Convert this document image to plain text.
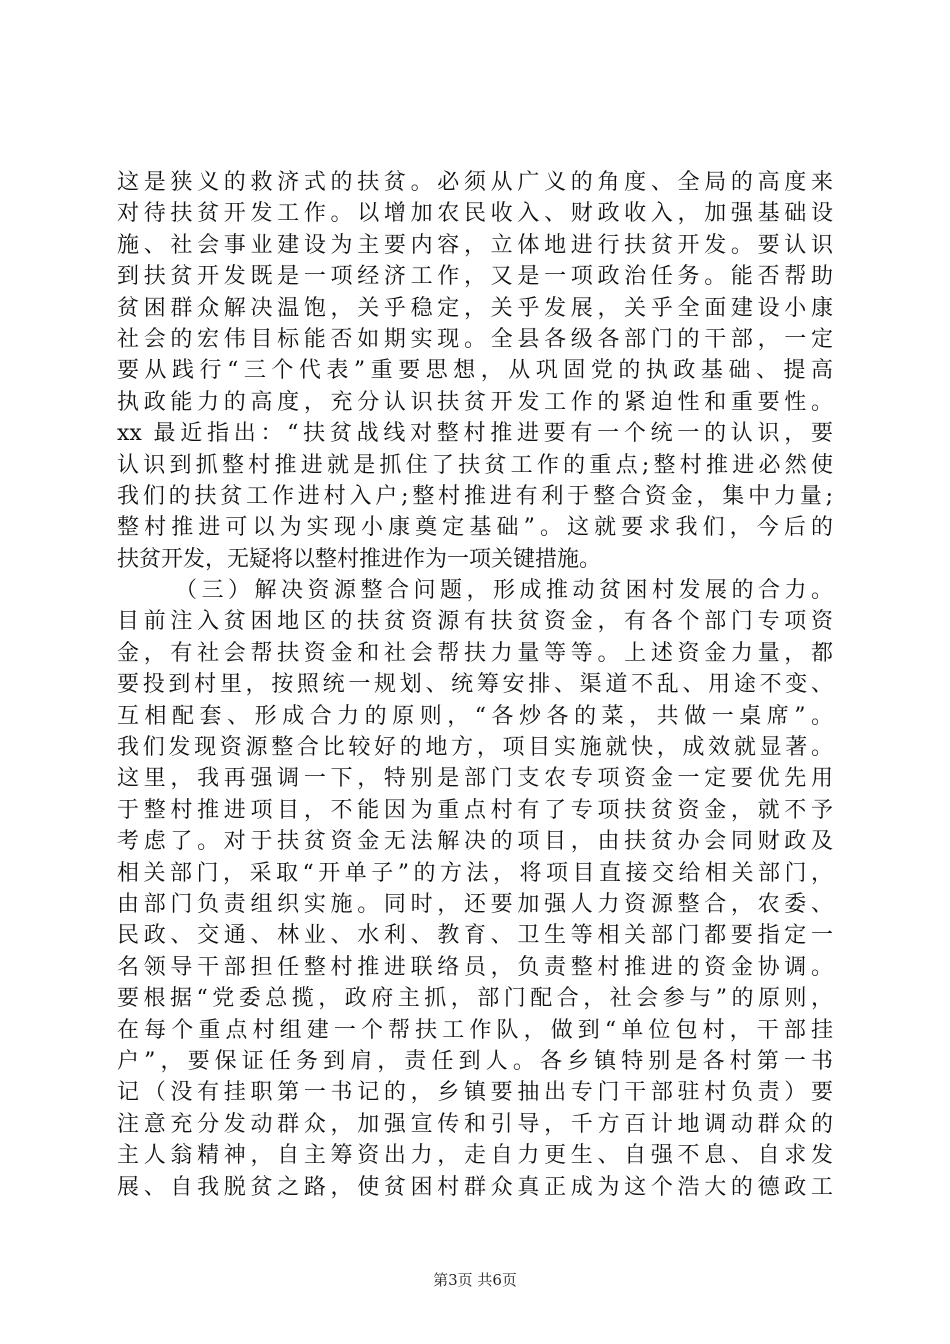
这是狭义的救济式的扶贫。必须从广义的角度、全局的高度来
对待扶贫开发工作。以增加农民收入、财政收入，加强基础设
施、社会事业建设为主要内容，立体地进行扶贫开发。要认识
到扶贫开发既是一项经济工作，又是一项政治任务。能否帮助
贫困群众解决温饱，关乎稳定，关乎发展，关乎全面建设小康
社会的宏伟目标能否如期实现。全县各级各部门的干部，一定
要从践行“三个代表”重要思想，从巩固党的执政基础、提高
执政能力的高度，充分认识扶贫开发工作的紧迫性和重要性。
xx 最近指出：“扶贫战线对整村推进要有一个统一的认识，要
认识到抓整村推进就是抓住了扶贫工作的重点;整村推进必然使
我们的扶贫工作进村入户;整村推进有利于整合资金，集中力量;
整村推进可以为实现小康奠定基础”。这就要求我们，今后的
扶贫开发，无疑将以整村推进作为一项关键措施。
（三）解决资源整合问题，形成推动贫困村发展的合力。
目前注入贫困地区的扶贫资源有扶贫资金，有各个部门专项资
金，有社会帮扶资金和社会帮扶力量等等。上述资金力量，都
要投到村里，按照统一规划、统筹安排、渠道不乱、用途不变、
互相配套、形成合力的原则，“各炒各的菜，共做一桌席”。
我们发现资源整合比较好的地方，项目实施就快，成效就显著。
这里，我再强调一下，特别是部门支农专项资金一定要优先用
于整村推进项目，不能因为重点村有了专项扶贫资金，就不予
考虑了。对于扶贫资金无法解决的项目，由扶贫办会同财政及
相关部门，采取“开单子”的方法，将项目直接交给相关部门，
由部门负责组织实施。同时，还要加强人力资源整合，农委、
民政、交通、林业、水利、教育、卫生等相关部门都要指定一
名领导干部担任整村推进联络员，负责整村推进的资金协调。
要根据“党委总揽，政府主抓，部门配合，社会参与”的原则，
在每个重点村组建一个帮扶工作队，做到“单位包村，干部挂
户”，要保证任务到肩，责任到人。各乡镇特别是各村第一书
记（没有挂职第一书记的，乡镇要抽出专门干部驻村负责）要
注意充分发动群众，加强宣传和引导，千方百计地调动群众的
主人翁精神，自主筹资出力，走自力更生、自强不息、自求发
展、自我脱贫之路，使贫困村群众真正成为这个浩大的德政工
第3页 共6页
